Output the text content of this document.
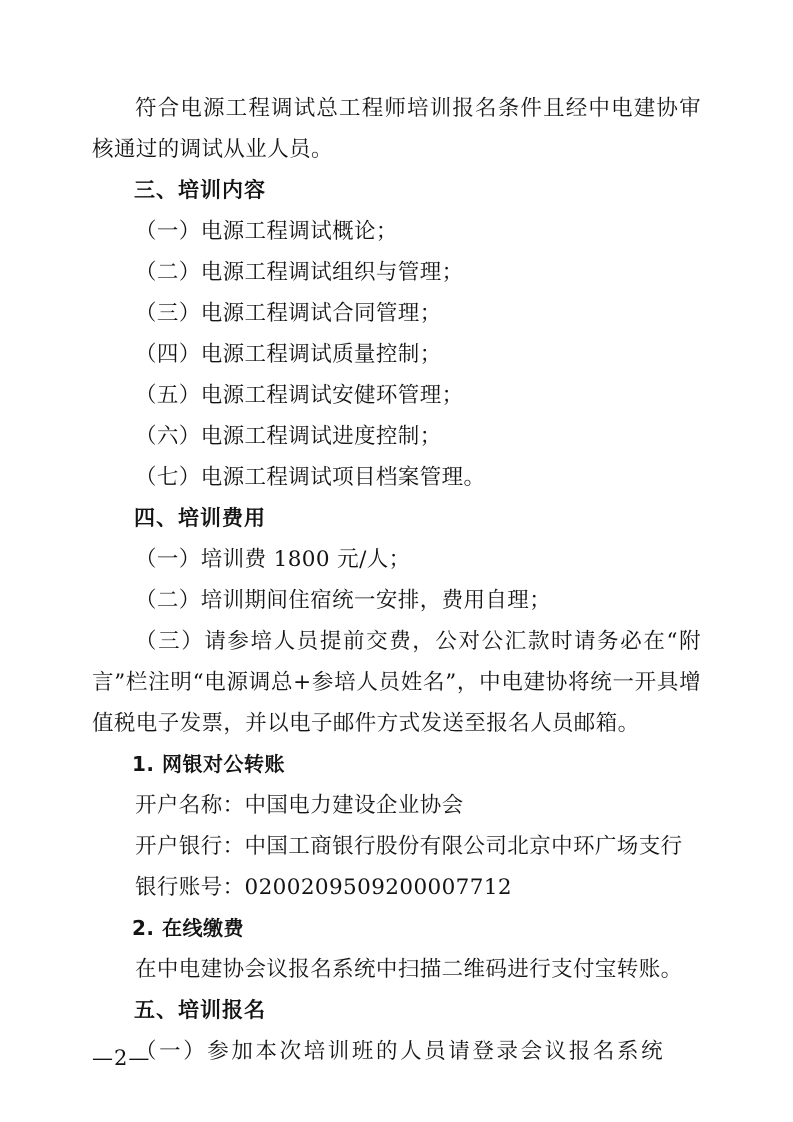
符合电源工程调试总工程师培训报名条件且经中电建协审核通过的调试从业人员。

三、培训内容

（一）电源工程调试概论；

（二）电源工程调试组织与管理；

（三）电源工程调试合同管理；

（四）电源工程调试质量控制；

（五）电源工程调试安健环管理；

（六）电源工程调试进度控制；

（七）电源工程调试项目档案管理。

四、培训费用

（一）培训费 1800 元/人；

（二）培训期间住宿统一安排，费用自理；

（三）请参培人员提前交费，公对公汇款时请务必在“附言”栏注明“电源调总+参培人员姓名”，中电建协将统一开具增值税电子发票，并以电子邮件方式发送至报名人员邮箱。

1. 网银对公转账

开户名称：中国电力建设企业协会

开户银行：中国工商银行股份有限公司北京中环广场支行

银行账号：0200209509200007712

2. 在线缴费

在中电建协会议报名系统中扫描二维码进行支付宝转账。

五、培训报名

（一）参加本次培训班的人员请登录会议报名系统

—2—
